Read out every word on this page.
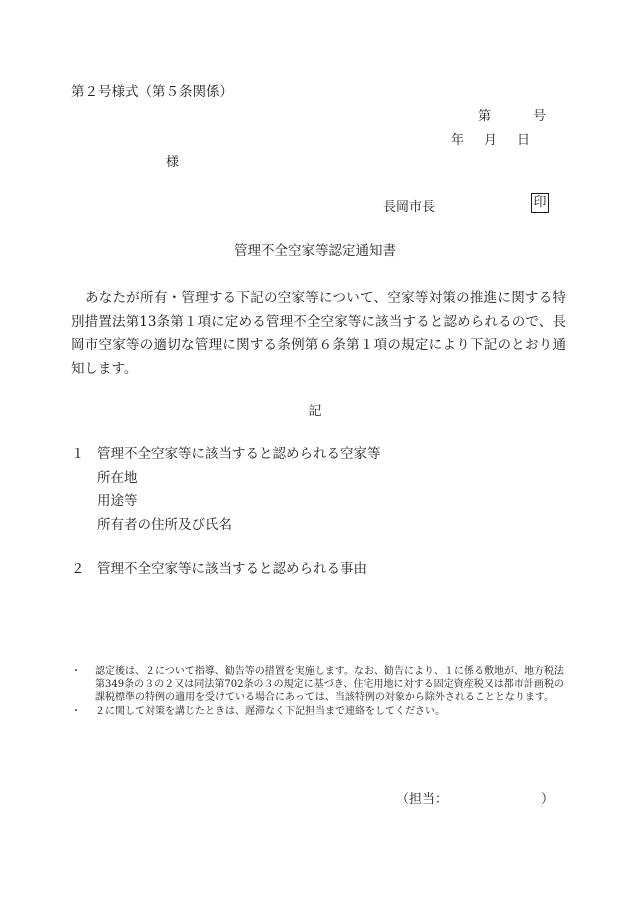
第２号様式（第５条関係）
第	号
年 月 日
様
長岡市長	印
管理不全空家等認定通知書
あなたが所有・管理する下記の空家等について、空家等対策の推進に関する特別措置法第13条第１項に定める管理不全空家等に該当すると認められるので、長岡市空家等の適切な管理に関する条例第６条第１項の規定により下記のとおり通知します。
記
１ 管理不全空家等に該当すると認められる空家等
所在地
用途等
所有者の住所及び氏名
２ 管理不全空家等に該当すると認められる事由
・	認定後は、２について指導、勧告等の措置を実施します。なお、勧告により、１に係る敷地が、地方税法第349条の３の２又は同法第702条の３の規定に基づき、住宅用地に対する固定資産税又は都市計画税の課税標準の特例の適用を受けている場合にあっては、当該特例の対象から除外されることとなります。
・	２に関して対策を講じたときは、遅滞なく下記担当まで連絡をしてください。
（担当：	）
